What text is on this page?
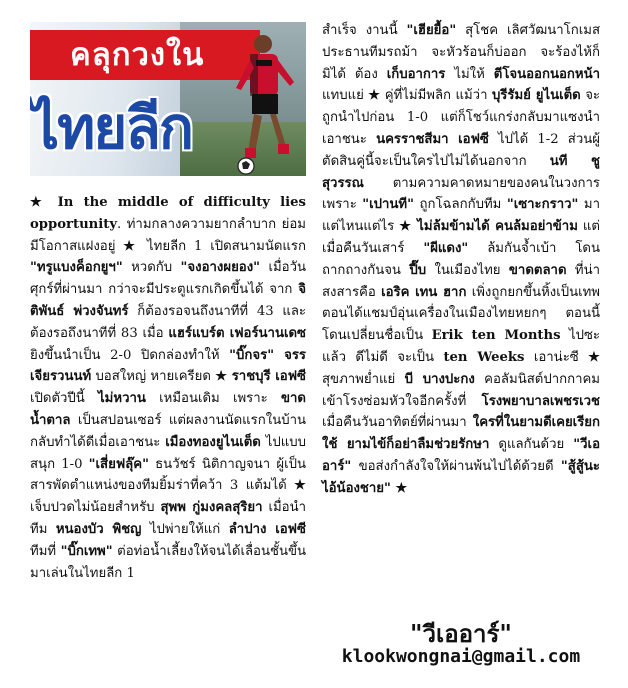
คลุกวงใน
ไทยลีก
★ In the middle of difficulty lies opportunity. ท่ามกลางความยากลำบาก ย่อมมีโอกาสแฝงอยู่ ★ ไทยลีก 1 เปิดสนามนัดแรก "ทรูแบงค็อกยูฯ" หวดกับ "จงอางผยอง" เมื่อวันศุกร์ที่ผ่านมา กว่าจะมีประตูแรกเกิดขึ้นได้ จาก จิติพันธ์ พ่วงจันทร์ ก็ต้องรอจนถึงนาทีที่ 43 และต้องรอถึงนาทีที่ 83 เมื่อ แฮร์แบร์ต เฟอร์นานเดซยิงขึ้นนำเป็น 2-0 ปิดกล่องทำให้ "บิ๊กจร" จรร เจียรวนนท์ บอสใหญ่ หายเครียด ★ ราชบุรี เอฟซี เปิดตัวปีนี้ ไม่หวาน เหมือนเดิม เพราะ ขาดน้ำตาล เป็นสปอนเซอร์ แต่ผลงานนัดแรกในบ้านกลับทำได้ดีเมื่อเอาชนะ เมืองทองยูไนเต็ด ไปแบบสนุก 1-0 "เสี่ยฟลุ๊ค" ธนวัชร์ นิติกาญจนา ผู้เป็นสารพัดตำแหน่งของทีมยิ้มร่าที่คว้า 3 แต้มได้ ★ เจ็บปวดไม่น้อยสำหรับ สุพพ กู่มงคลสุริยา เมื่อนำทีม หนองบัว พิชญ ไปพ่ายให้แก่ ลำปาง เอฟซี ทีมที่ "บิ๊กเทพ" ต่อท่อน้ำเลี้ยงให้จนได้เลื่อนชั้นขึ้นมาเล่นในไทยลีก 1
สำเร็จ งานนี้ "เฮียยื้อ" สุโชค เลิศวัฒนาโกเมส ประธานทีมรถม้า จะหัวร้อนก็บ่ออก จะร้องไห้ก็มิได้ ต้อง เก็บอาการ ไม่ให้ ตีโจนออกนอกหน้า แทบแย่ ★ คู่ที่ไม่มีพลิก แม้ว่า บุรีรัมย์ ยูไนเต็ด จะถูกนำไปก่อน 1-0 แต่ก็โชว์แกร่งกลับมาแซงนำเอาชนะ นครราชสีมา เอฟซี ไปได้ 1-2 ส่วนผู้ตัดสินคู่นี้จะเป็นใครไปไม่ได้นอกจาก นที ชูสุวรรณ ตามความคาดหมายของคนในวงการ เพราะ "เปานที" ถูกโฉลกกับทีม "เซาะกราว" มาแต่ไหนแต่ไร ★ ไม่ล้มข้ามได้ คนล้มอย่าข้าม แต่เมื่อคืนวันเสาร์ "ผีแดง" ล้มกันจ้ำเบ้า โดนถากถางกันจน ปี๊บ ในเมืองไทย ขาดตลาด ที่น่าสงสารคือ เอริค เทน ฮาก เพิ่งถูกยกขึ้นหิ้งเป็นเทพตอนได้แชมป์อุ่นเครื่องในเมืองไทยหยกๆ ตอนนี้โดนเปลี่ยนชื่อเป็น Erik ten Months ไปซะแล้ว ดีไม่ดี จะเป็น ten Weeks เอาน่ะซี ★ สุขภาพย่ำแย่ บี บางปะกง คอลัมนิสต์ปากกาคมเข้าโรงซ่อมหัวใจอีกครั้งที่ โรงพยาบาลเพชรเวช เมื่อคืนวันอาทิตย์ที่ผ่านมา ใครที่ในยามดีเคยเรียกใช้ ยามไข้ก็อย่าลืมช่วยรักษา ดูแลกันด้วย "วีเออาร์" ขอส่งกำลังใจให้ผ่านพ้นไปได้ด้วยดี "สู้สู้นะ ไอ้น้องชาย" ★
"วีเออาร์"
klookwongnai@gmail.com
